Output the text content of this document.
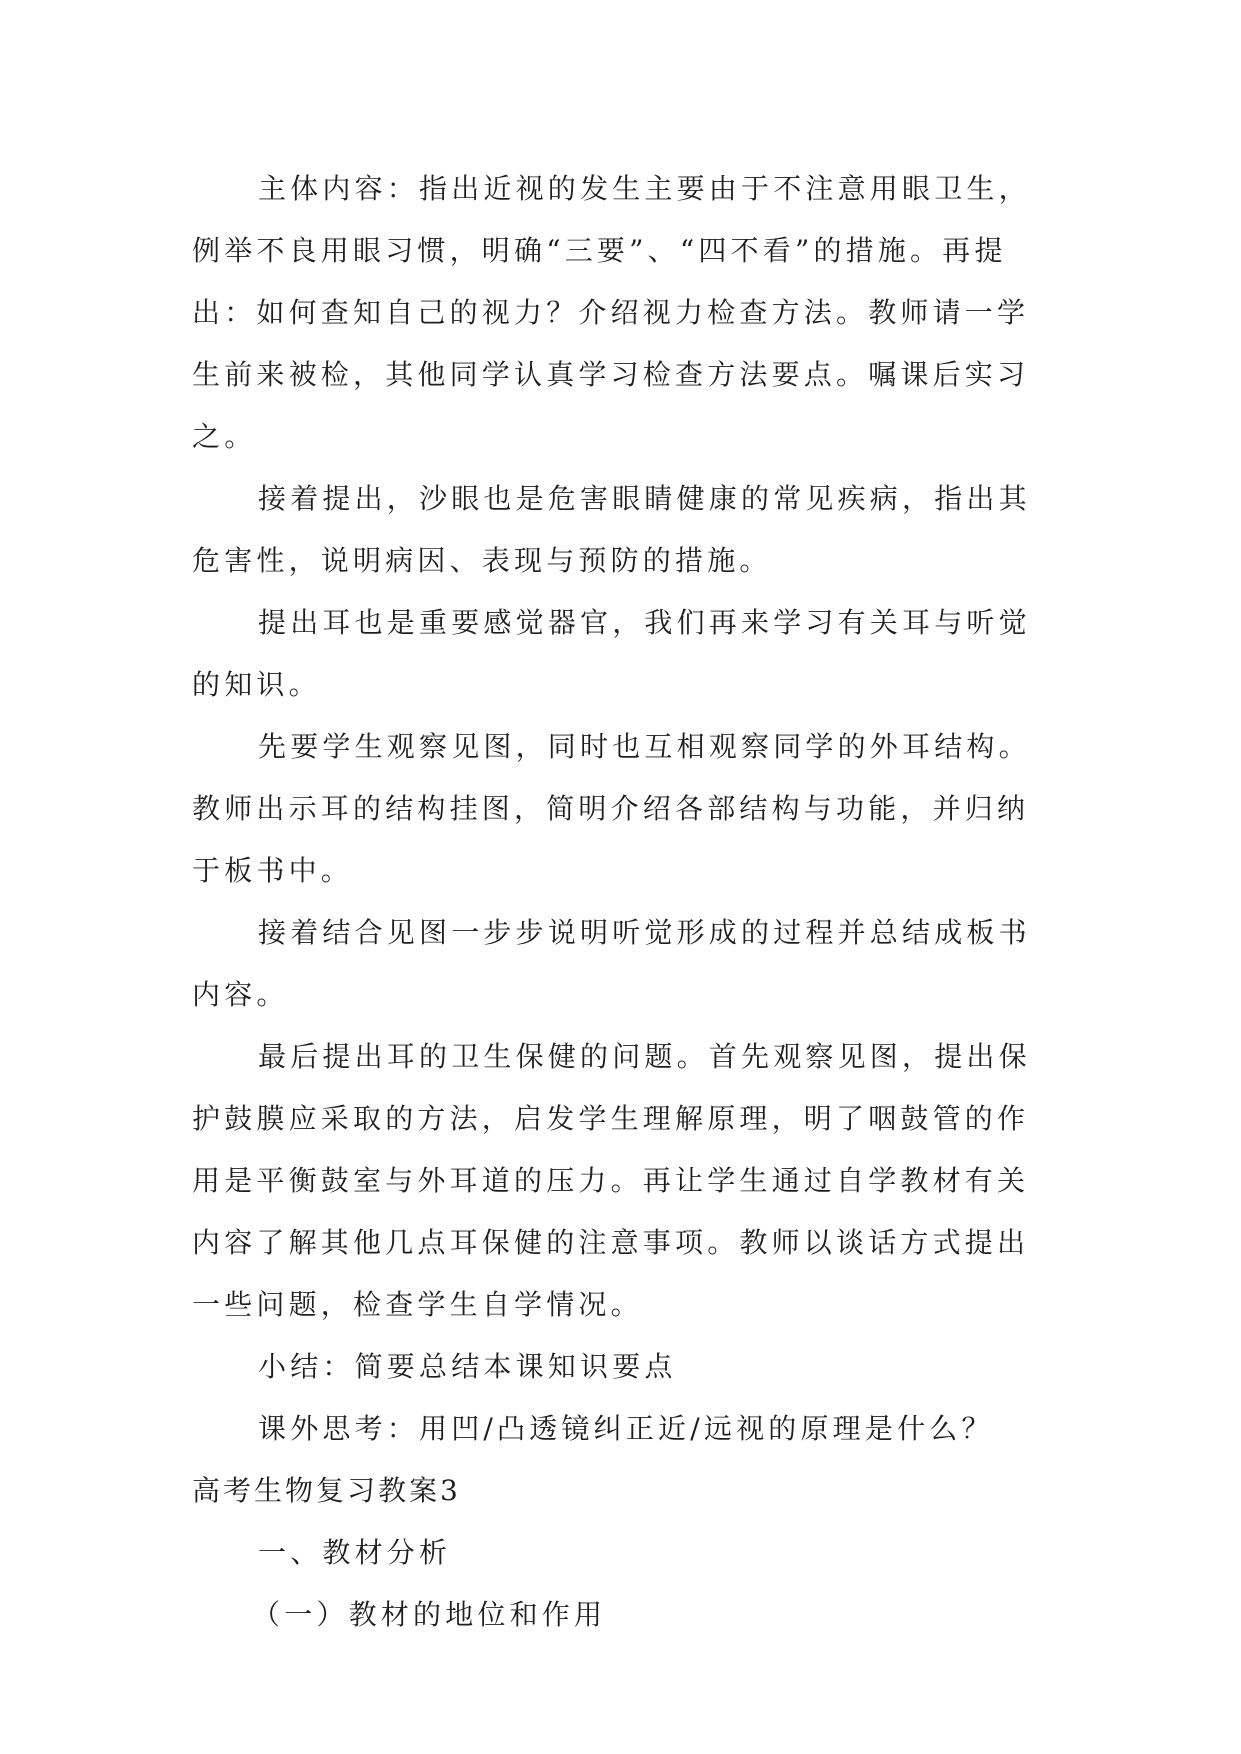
主体内容：指出近视的发生主要由于不注意用眼卫生，例举不良用眼习惯，明确“三要”、“四不看”的措施。再提出：如何查知自己的视力？介绍视力检查方法。教师请一学生前来被检，其他同学认真学习检查方法要点。嘱课后实习之。

接着提出，沙眼也是危害眼睛健康的常见疾病，指出其危害性，说明病因、表现与预防的措施。

提出耳也是重要感觉器官，我们再来学习有关耳与听觉的知识。

先要学生观察见图，同时也互相观察同学的外耳结构。教师出示耳的结构挂图，简明介绍各部结构与功能，并归纳于板书中。

接着结合见图一步步说明听觉形成的过程并总结成板书内容。

最后提出耳的卫生保健的问题。首先观察见图，提出保护鼓膜应采取的方法，启发学生理解原理，明了咽鼓管的作用是平衡鼓室与外耳道的压力。再让学生通过自学教材有关内容了解其他几点耳保健的注意事项。教师以谈话方式提出一些问题，检查学生自学情况。

小结：简要总结本课知识要点

课外思考：用凹/凸透镜纠正近/远视的原理是什么？

高考生物复习教案3

一、教材分析

（一）教材的地位和作用
